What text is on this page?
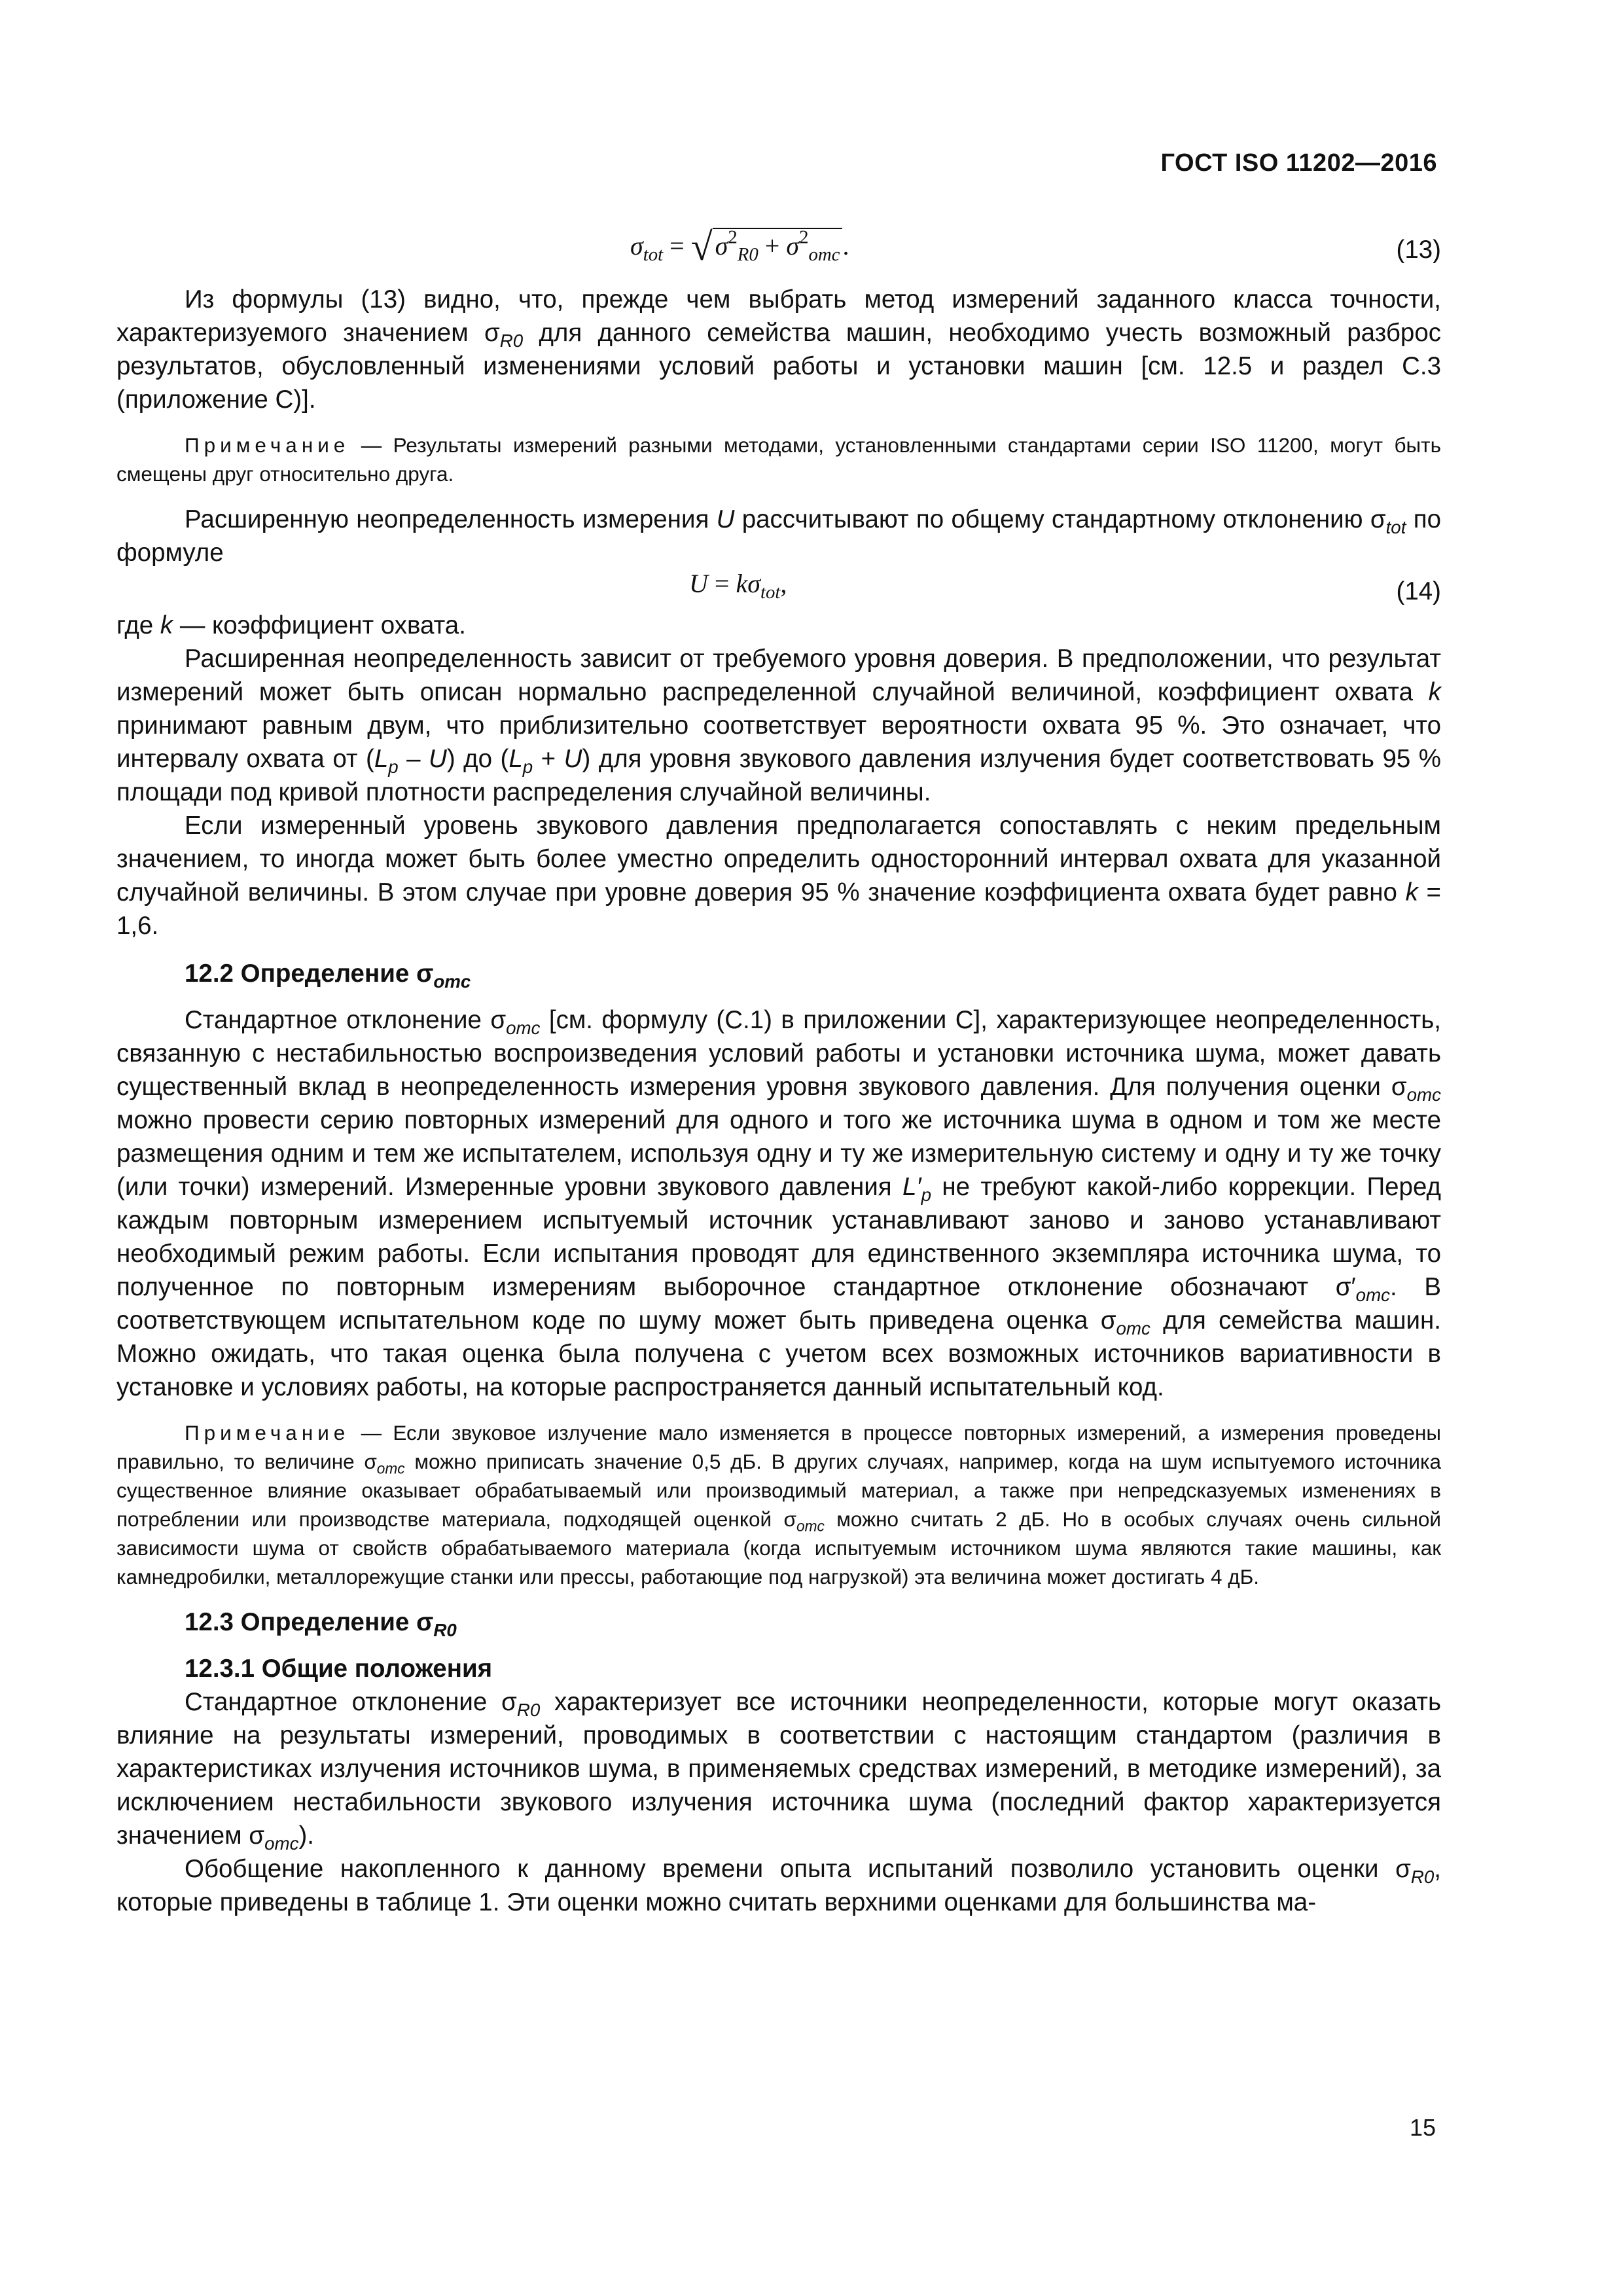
ГОСТ ISO 11202—2016
$\sigma_{tot}$ = √ $\sigma^2_{R0} + \sigma^2_{omc}$ .	(13)

Из формулы (13) видно, что, прежде чем выбрать метод измерений заданного класса точности, характеризуемого значением $\sigma_{R0}$ для данного семейства машин, необходимо учесть возможный разброс результатов, обусловленный изменениями условий работы и установки машин [см. 12.5 и раздел С.3 (приложение С)].

Примечание — Результаты измерений разными методами, установленными стандартами серии ISO 11200, могут быть смещены друг относительно друга.

Расширенную неопределенность измерения U рассчитывают по общему стандартному отклонению $\sigma_{tot}$ по формуле

$U = k\sigma_{tot}$,	(14)

где k — коэффициент охвата.

Расширенная неопределенность зависит от требуемого уровня доверия. В предположении, что результат измерений может быть описан нормально распределенной случайной величиной, коэффициент охвата k принимают равным двум, что приблизительно соответствует вероятности охвата 95 %. Это означает, что интервалу охвата от $(L_p - U)$ до $(L_p + U)$ для уровня звукового давления излучения будет соответствовать 95 % площади под кривой плотности распределения случайной величины.

Если измеренный уровень звукового давления предполагается сопоставлять с неким предельным значением, то иногда может быть более уместно определить односторонний интервал охвата для указанной случайной величины. В этом случае при уровне доверия 95 % значение коэффициента охвата будет равно k = 1,6.

12.2 Определение $\sigma_{omc}$

Стандартное отклонение $\sigma_{omc}$ [см. формулу (С.1) в приложении С], характеризующее неопределенность, связанную с нестабильностью воспроизведения условий работы и установки источника шума, может давать существенный вклад в неопределенность измерения уровня звукового давления. Для получения оценки $\sigma_{omc}$ можно провести серию повторных измерений для одного и того же источника шума в одном и том же месте размещения одним и тем же испытателем, используя одну и ту же измерительную систему и одну и ту же точку (или точки) измерений. Измеренные уровни звукового давления $L'_p$ не требуют какой-либо коррекции. Перед каждым повторным измерением испытуемый источник устанавливают заново и заново устанавливают необходимый режим работы. Если испытания проводят для единственного экземпляра источника шума, то полученное по повторным измерениям выборочное стандартное отклонение обозначают $\sigma'_{omc}$. В соответствующем испытательном коде по шуму может быть приведена оценка $\sigma_{omc}$ для семейства машин. Можно ожидать, что такая оценка была получена с учетом всех возможных источников вариативности в установке и условиях работы, на которые распространяется данный испытательный код.

Примечание — Если звуковое излучение мало изменяется в процессе повторных измерений, а измерения проведены правильно, то величине $\sigma_{omc}$ можно приписать значение 0,5 дБ. В других случаях, например, когда на шум испытуемого источника существенное влияние оказывает обрабатываемый или производимый материал, а также при непредсказуемых изменениях в потреблении или производстве материала, подходящей оценкой $\sigma_{omc}$ можно считать 2 дБ. Но в особых случаях очень сильной зависимости шума от свойств обрабатываемого материала (когда испытуемым источником шума являются такие машины, как камнедробилки, металлорежущие станки или прессы, работающие под нагрузкой) эта величина может достигать 4 дБ.
12.3 Определение $\sigma_{R0}$
12.3.1 Общие положения

Стандартное отклонение $\sigma_{R0}$ характеризует все источники неопределенности, которые могут оказать влияние на результаты измерений, проводимых в соответствии с настоящим стандартом (различия в характеристиках излучения источников шума, в применяемых средствах измерений, в методике измерений), за исключением нестабильности звукового излучения источника шума (последний фактор характеризуется значением $\sigma_{omc}$).

Обобщение накопленного к данному времени опыта испытаний позволило установить оценки $\sigma_{R0}$, которые приведены в таблице 1. Эти оценки можно считать верхними оценками для большинства ма-

15
